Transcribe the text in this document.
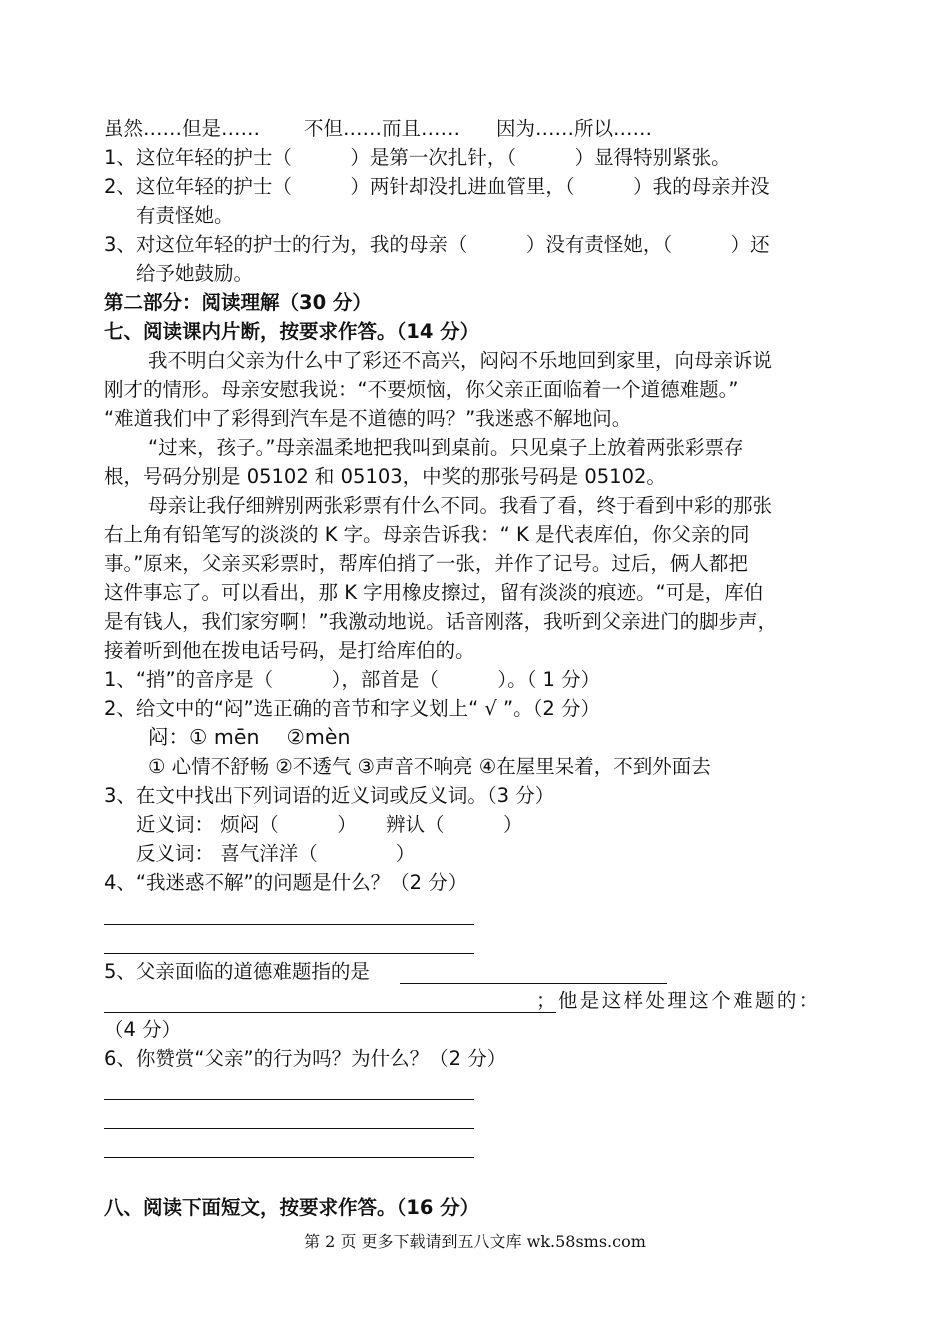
虽然……但是…… 不但……而且…… 因为……所以……
1、这位年轻的护士（　　　）是第一次扎针，（　　　）显得特别紧张。
2、这位年轻的护士（　　　）两针却没扎进血管里，（　　　）我的母亲并没
有责怪她。
3、对这位年轻的护士的行为，我的母亲（　　　）没有责怪她，（　　　）还
给予她鼓励。
第二部分：阅读理解（30 分）
七、阅读课内片断，按要求作答。（14 分）
我不明白父亲为什么中了彩还不高兴，闷闷不乐地回到家里，向母亲诉说
刚才的情形。母亲安慰我说：“不要烦恼，你父亲正面临着一个道德难题。”
“难道我们中了彩得到汽车是不道德的吗？”我迷惑不解地问。
“过来，孩子。”母亲温柔地把我叫到桌前。只见桌子上放着两张彩票存
根，号码分别是 05102 和 05103，中奖的那张号码是 05102。
母亲让我仔细辨别两张彩票有什么不同。我看了看，终于看到中彩的那张
右上角有铅笔写的淡淡的 K 字。母亲告诉我：“ K 是代表库伯，你父亲的同
事。”原来，父亲买彩票时，帮库伯捎了一张，并作了记号。过后，俩人都把
这件事忘了。可以看出，那 K 字用橡皮擦过，留有淡淡的痕迹。“可是，库伯
是有钱人，我们家穷啊！”我激动地说。话音刚落，我听到父亲进门的脚步声，
接着听到他在拨电话号码，是打给库伯的。
1、“捎”的音序是（　　　），部首是（　　　）。（ 1 分）
2、给文中的“闷”选正确的音节和字义划上“ √ ”。（2 分）
闷：① mēn　 ②mèn
① 心情不舒畅 ②不透气 ③声音不响亮 ④在屋里呆着，不到外面去
3、在文中找出下列词语的近义词或反义词。（3 分）
近义词： 烦闷（　　　）　　辨认（　　　）
反义词： 喜气洋洋（　　　　）
4、“我迷惑不解”的问题是什么？（2 分）
5、父亲面临的道德难题指的是
；他是这样处理这个难题的：
（4 分）
6、你赞赏“父亲”的行为吗？为什么？（2 分）
八、阅读下面短文，按要求作答。（16 分）
第 2 页 更多下载请到五八文库 wk.58sms.com
